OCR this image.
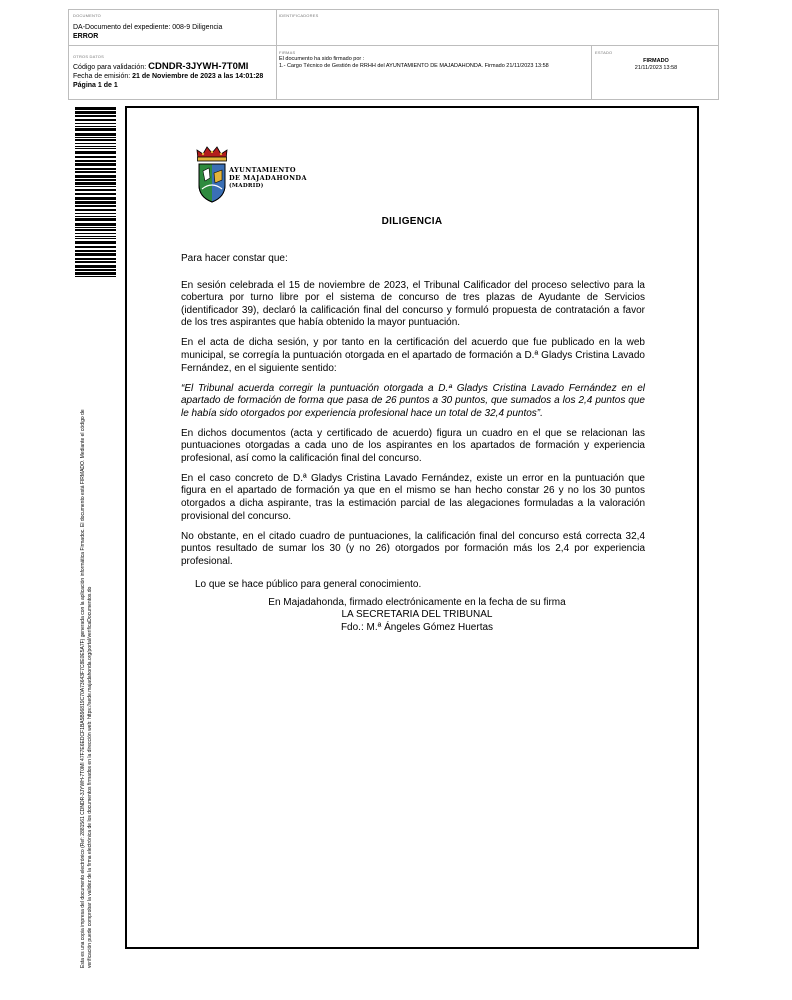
DOCUMENTO
DA-Documento del expediente: 008-9 Diligencia
ERROR
IDENTIFICADORES
OTROS DATOS
Código para validación: CDNDR-3JYWH-7T0MI
Fecha de emisión: 21 de Noviembre de 2023 a las 14:01:28
Página 1 de 1
FIRMAS
El documento ha sido firmado por :
1.- Cargo Técnico de Gestión de RRHH del AYUNTAMIENTO DE MAJADAHONDA. Firmado 21/11/2023 13:58
ESTADO
FIRMADO
21/11/2023 13:58
Esta es una copia impresa del documento electrónico (Ref: 2881561 CDNDR-3JYWH-7T0MI 47F7E6EDCF1BA5B96819C70A73643F7C8E0E5A7F) generada con la aplicación informática Firmadoc. El documento está FIRMADO. Mediante el código de verificación puede comprobar la validez de la firma electrónica de los documentos firmados en la dirección web: https://sede.majadahonda.org/portal/verificaDocumentos.do
AYUNTAMIENTO
DE MAJADAHONDA
(MADRID)
DILIGENCIA

Para hacer constar que:

En sesión celebrada el 15 de noviembre de 2023, el Tribunal Calificador del proceso selectivo para la cobertura por turno libre por el sistema de concurso de tres plazas de Ayudante de Servicios (identificador 39), declaró la calificación final del concurso y formuló propuesta de contratación a favor de los tres aspirantes que había obtenido la mayor puntuación.

En el acta de dicha sesión, y por tanto en la certificación del acuerdo que fue publicado en la web municipal, se corregía la puntuación otorgada en el apartado de formación a D.ª Gladys Cristina Lavado Fernández, en el siguiente sentido:

“El Tribunal acuerda corregir la puntuación otorgada a D.ª Gladys Cristina Lavado Fernández en el apartado de formación de forma que pasa de 26 puntos a 30 puntos, que sumados a los 2,4 puntos que le había sido otorgados por experiencia profesional hace un total de 32,4 puntos”.

En dichos documentos (acta y certificado de acuerdo) figura un cuadro en el que se relacionan las puntuaciones otorgadas a cada uno de los aspirantes en los apartados de formación y experiencia profesional, así como la calificación final del concurso.

En el caso concreto de D.ª Gladys Cristina Lavado Fernández, existe un error en la puntuación que figura en el apartado de formación ya que en el mismo se han hecho constar 26 y no los 30 puntos otorgados a dicha aspirante, tras la estimación parcial de las alegaciones formuladas a la valoración provisional del concurso.

No obstante, en el citado cuadro de puntuaciones, la calificación final del concurso está correcta 32,4 puntos resultado de sumar los 30 (y no 26) otorgados por formación más los 2,4 por experiencia profesional.

Lo que se hace público para general conocimiento.
En Majadahonda, firmado electrónicamente en la fecha de su firma
LA SECRETARIA DEL TRIBUNAL
Fdo.: M.ª Ángeles Gómez Huertas
